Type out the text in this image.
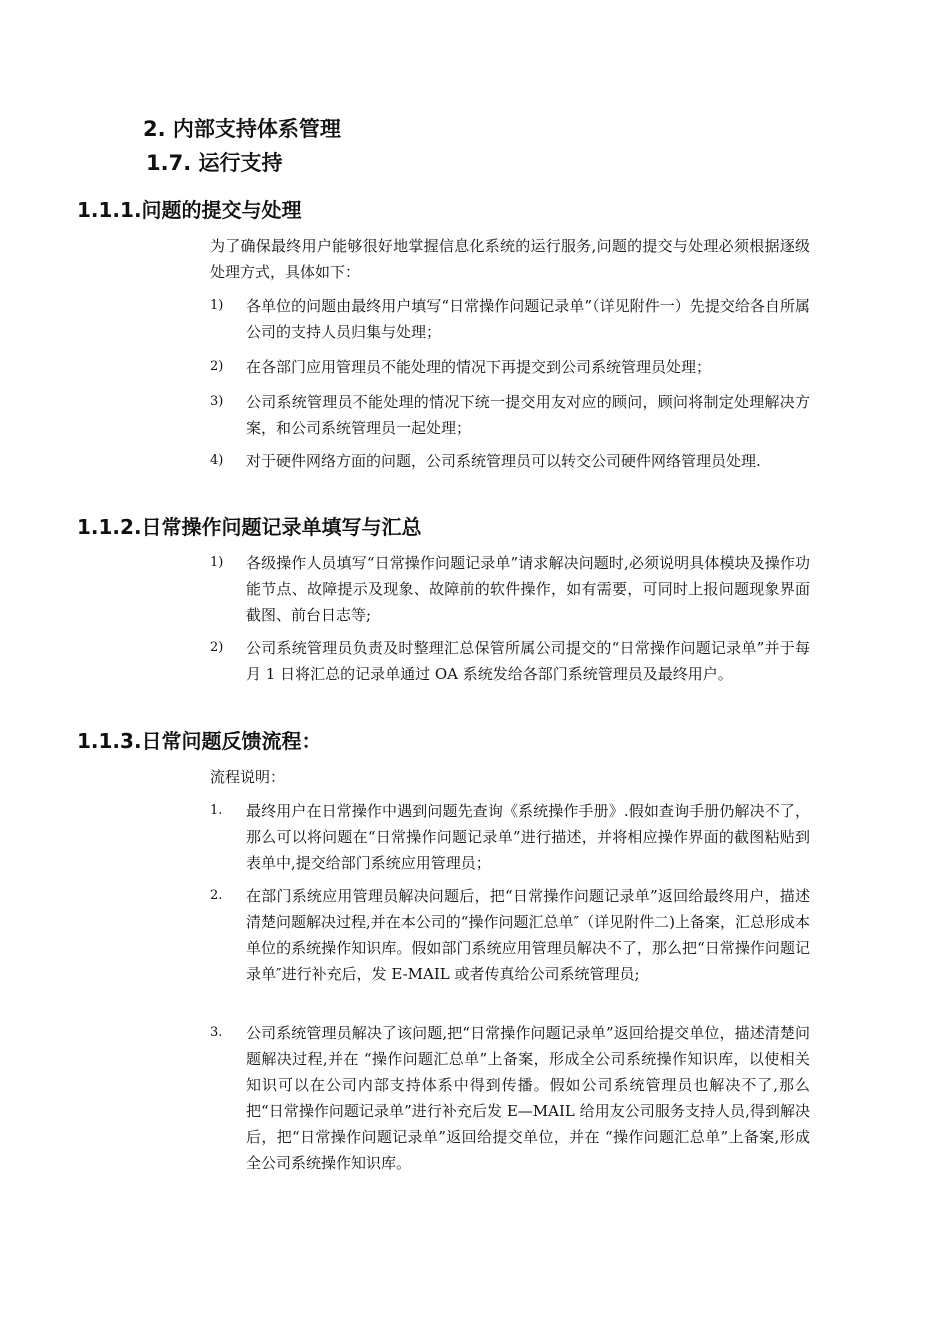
2. 内部支持体系管理
1.7. 运行支持
1.1.1.问题的提交与处理
为了确保最终用户能够很好地掌握信息化系统的运行服务,问题的提交与处理必须根据逐级处理方式，具体如下：
1)	各单位的问题由最终用户填写“日常操作问题记录单”（详见附件一）先提交给各自所属公司的支持人员归集与处理；
2)	在各部门应用管理员不能处理的情况下再提交到公司系统管理员处理；
3)	公司系统管理员不能处理的情况下统一提交用友对应的顾问，顾问将制定处理解决方案，和公司系统管理员一起处理；
4)	对于硬件网络方面的问题，公司系统管理员可以转交公司硬件网络管理员处理.
1.1.2.日常操作问题记录单填写与汇总
1)	各级操作人员填写“日常操作问题记录单”请求解决问题时,必须说明具体模块及操作功能节点、故障提示及现象、故障前的软件操作，如有需要，可同时上报问题现象界面截图、前台日志等;
2)	公司系统管理员负责及时整理汇总保管所属公司提交的“日常操作问题记录单”并于每月 1 日将汇总的记录单通过 OA 系统发给各部门系统管理员及最终用户。
1.1.3.日常问题反馈流程：
流程说明：
1.	最终用户在日常操作中遇到问题先查询《系统操作手册》.假如查询手册仍解决不了，那么可以将问题在“日常操作问题记录单”进行描述，并将相应操作界面的截图粘贴到表单中,提交给部门系统应用管理员；
2.	在部门系统应用管理员解决问题后，把“日常操作问题记录单”返回给最终用户，描述清楚问题解决过程,并在本公司的“操作问题汇总单″（详见附件二)上备案，汇总形成本单位的系统操作知识库。假如部门系统应用管理员解决不了，那么把“日常操作问题记录单″进行补充后，发 E-MAIL 或者传真给公司系统管理员;
3.	公司系统管理员解决了该问题,把“日常操作问题记录单”返回给提交单位，描述清楚问题解决过程,并在 “操作问题汇总单”上备案，形成全公司系统操作知识库，以使相关知识可以在公司内部支持体系中得到传播。假如公司系统管理员也解决不了,那么把“日常操作问题记录单”进行补充后发 E—MAIL 给用友公司服务支持人员,得到解决后，把“日常操作问题记录单”返回给提交单位，并在 “操作问题汇总单”上备案,形成全公司系统操作知识库。
